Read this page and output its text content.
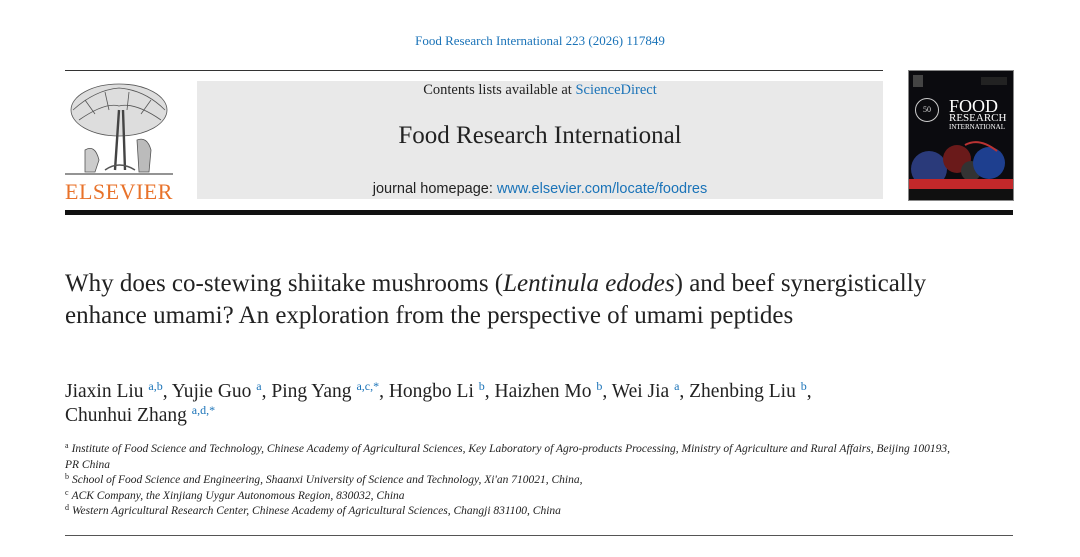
Food Research International 223 (2026) 117849
ELSEVIER
Contents lists available at ScienceDirect
Food Research International
journal homepage: www.elsevier.com/locate/foodres
50	FOOD
RESEARCH
INTERNATIONAL
Why does co-stewing shiitake mushrooms (Lentinula edodes) and beef synergistically enhance umami? An exploration from the perspective of umami peptides
Jiaxin Liu $^{a,b}$, Yujie Guo $^a$, Ping Yang $^{a,c,*}$, Hongbo Li $^b$, Haizhen Mo $^b$, Wei Jia $^a$, Zhenbing Liu $^b$,
Chunhui Zhang $^{a,d,*}$
$^a$ Institute of Food Science and Technology, Chinese Academy of Agricultural Sciences, Key Laboratory of Agro-products Processing, Ministry of Agriculture and Rural Affairs, Beijing 100193, PR China
$^b$ School of Food Science and Engineering, Shaanxi University of Science and Technology, Xi'an 710021, China,
$^c$ ACK Company, the Xinjiang Uygur Autonomous Region, 830032, China
$^d$ Western Agricultural Research Center, Chinese Academy of Agricultural Sciences, Changji 831100, China
